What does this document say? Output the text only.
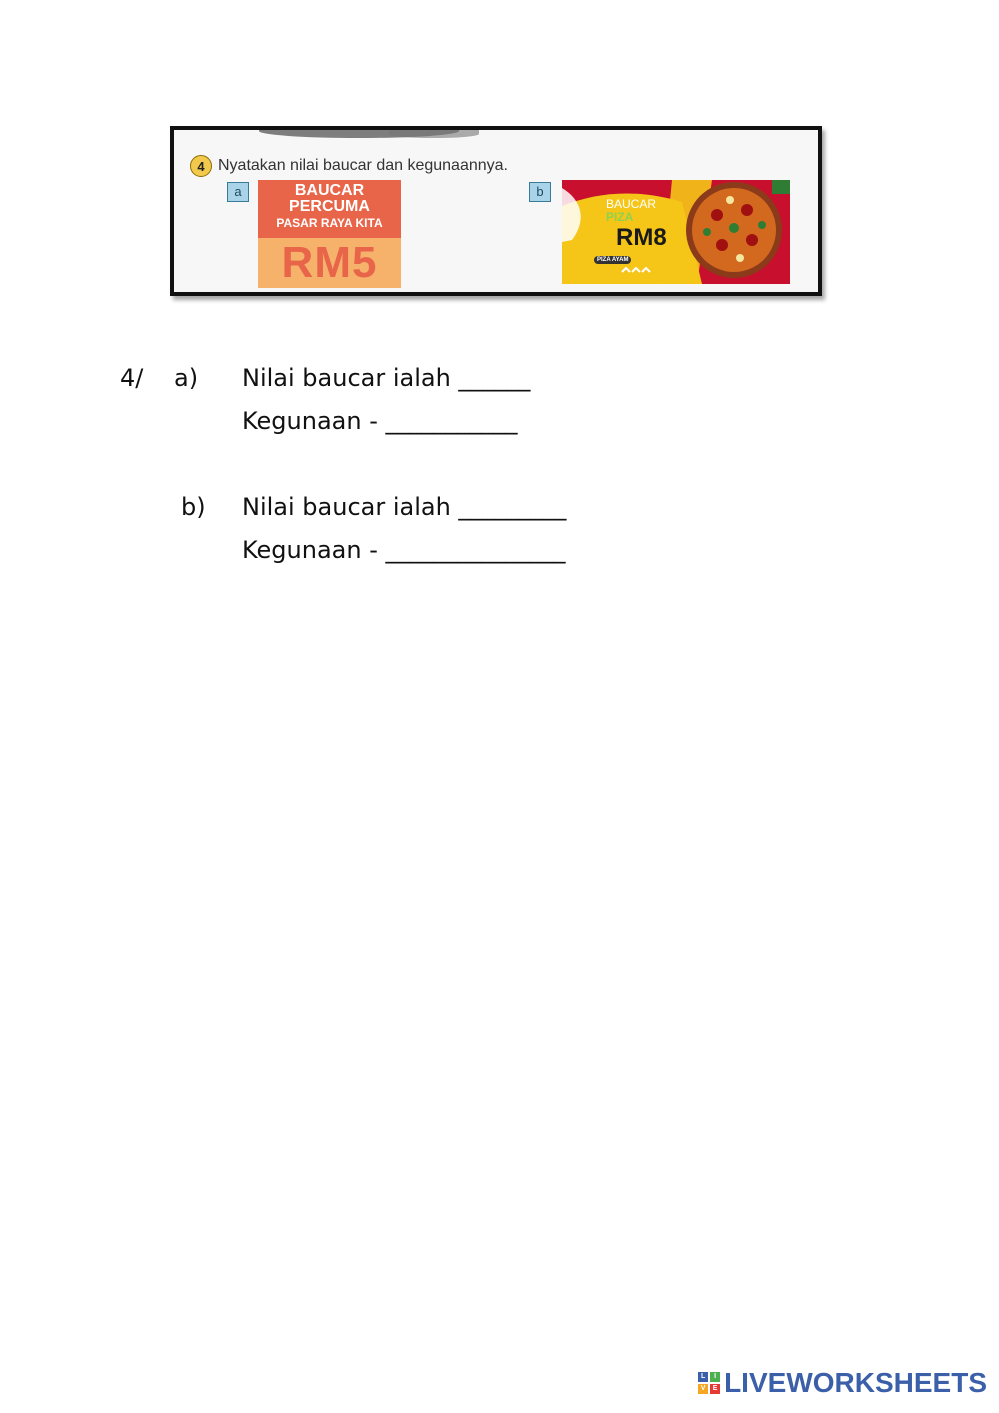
4 Nyatakan nilai baucar dan kegunaannya.
a	b
BAUCAR
PERCUMA
PASAR RAYA KITA
RM5
BAUCAR
PIZA
RM8
PIZA AYAM
4/ a) Nilai baucar ialah ______
Kegunaan - ___________
b) Nilai baucar ialah _________
Kegunaan - _______________
L	I
V	E LIVEWORKSHEETS
